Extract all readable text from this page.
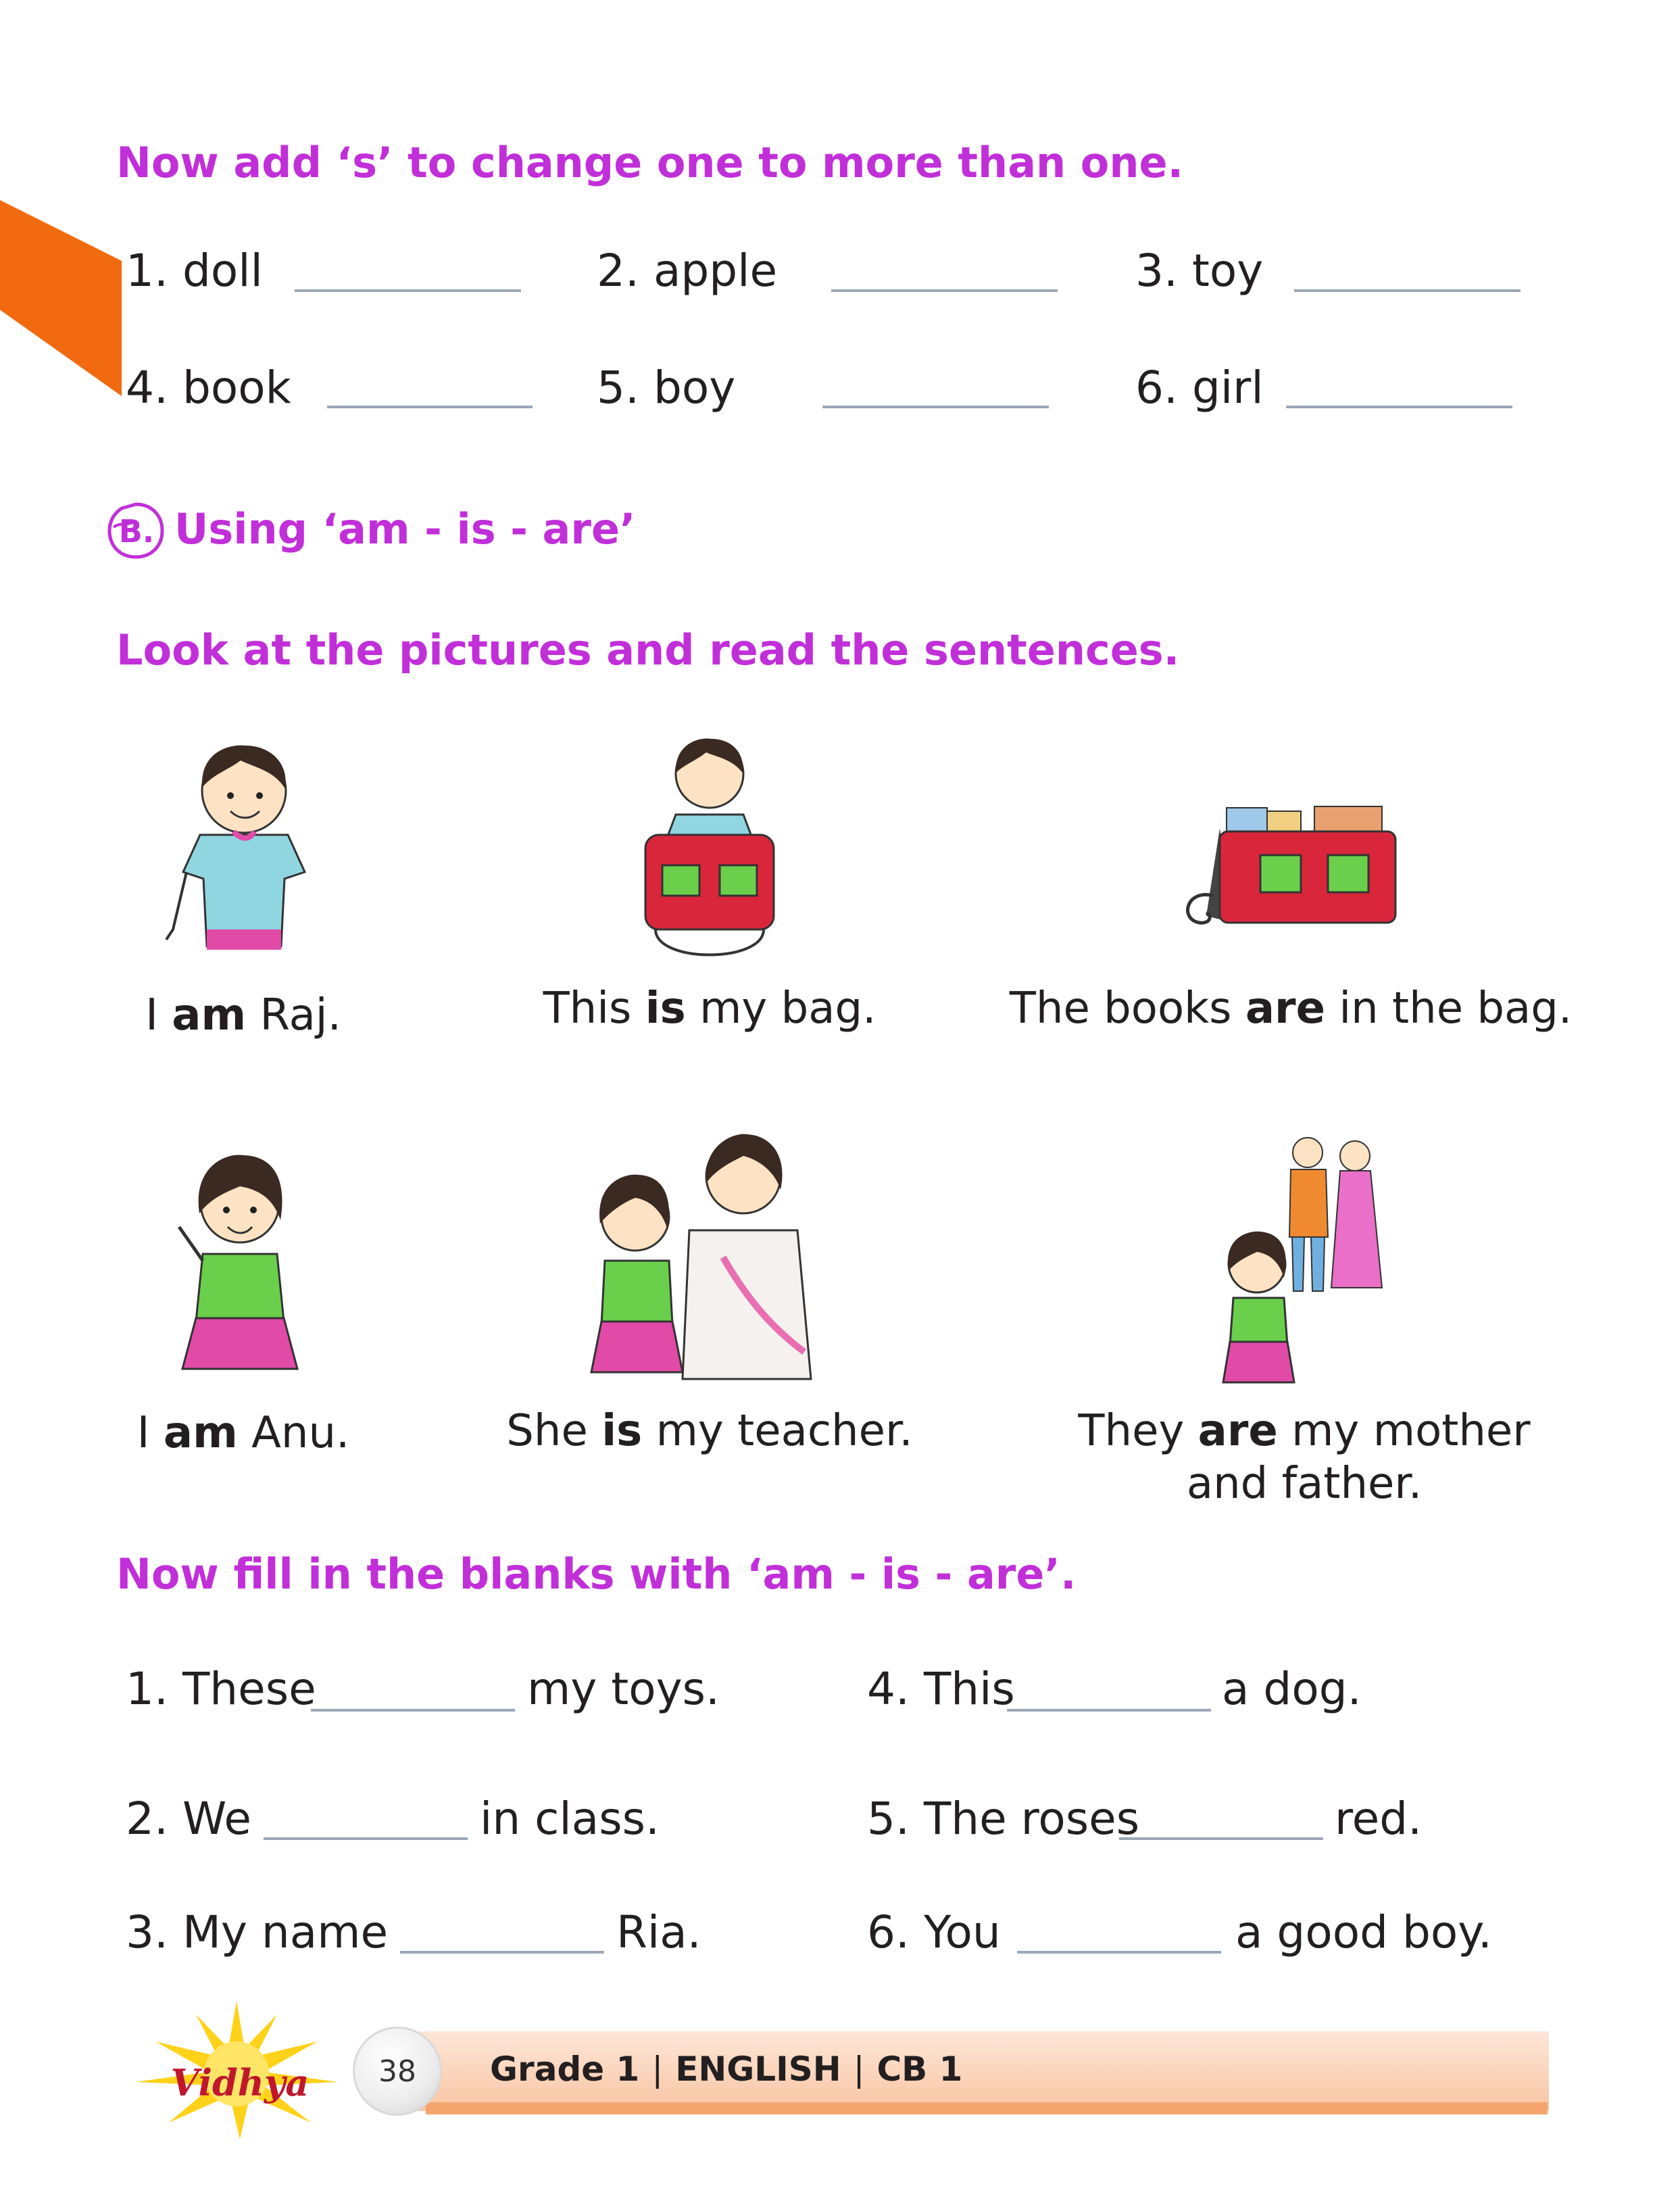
Now add ‘s’ to change one to more than one.
1. doll	2. apple	3. toy
4. book	5. boy	6. girl
B. Using ‘am - is - are’
Look at the pictures and read the sentences.
I am Raj.	This is my bag.	The books are in the bag.
I am Anu.	She is my teacher.	They are my mother
and father.
Now fill in the blanks with ‘am - is - are’.
1. These	my toys.	4. This	a dog.
2. We	in class.	5. The roses	red.
3. My name	Ria.	6. You	a good boy.
Vidhya 38 Grade 1 | ENGLISH | CB 1
